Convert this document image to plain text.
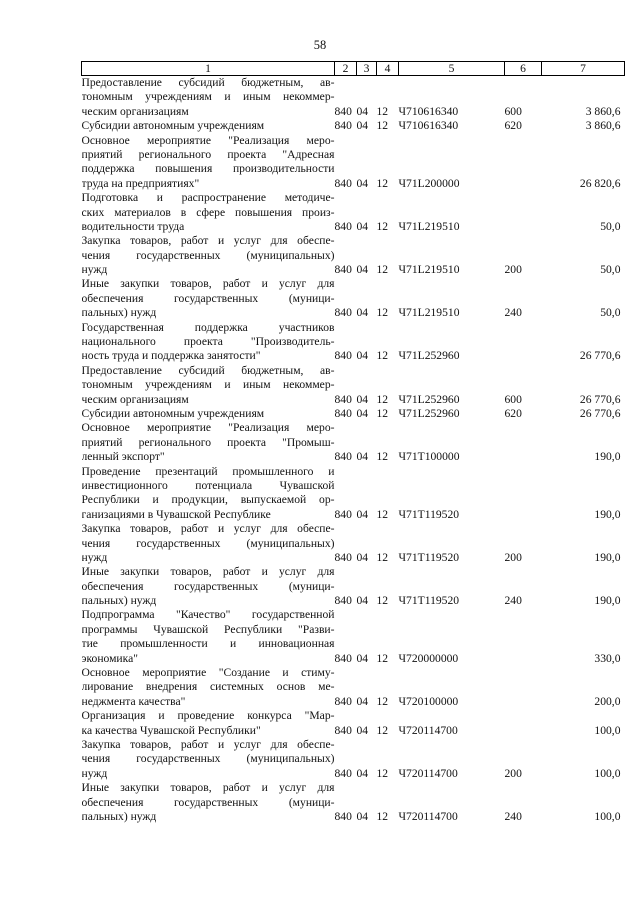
58
1	2	3	4	5	6	7

Предоставление субсидий бюджетным, ав-
тономным учреждениям и иным некоммер-
ческим организациям	840	04	12	Ч710616340	600	3 860,6

Субсидии автономным учреждениям	840	04	12	Ч710616340	620	3 860,6

Основное мероприятие "Реализация меро-
приятий регионального проекта "Адресная
поддержка повышения производительности
труда на предприятиях"	840	04	12	Ч71L200000		26 820,6

Подготовка и распространение методиче-
ских материалов в сфере повышения произ-
водительности труда	840	04	12	Ч71L219510		50,0

Закупка товаров, работ и услуг для обеспе-
чения государственных (муниципальных)
нужд	840	04	12	Ч71L219510	200	50,0

Иные закупки товаров, работ и услуг для
обеспечения государственных (муници-
пальных) нужд	840	04	12	Ч71L219510	240	50,0

Государственная поддержка участников
национального проекта "Производитель-
ность труда и поддержка занятости"	840	04	12	Ч71L252960		26 770,6

Предоставление субсидий бюджетным, ав-
тономным учреждениям и иным некоммер-
ческим организациям	840	04	12	Ч71L252960	600	26 770,6

Субсидии автономным учреждениям	840	04	12	Ч71L252960	620	26 770,6

Основное мероприятие "Реализация меро-
приятий регионального проекта "Промыш-
ленный экспорт"	840	04	12	Ч71T100000		190,0

Проведение презентаций промышленного и
инвестиционного потенциала Чувашской
Республики и продукции, выпускаемой ор-
ганизациями в Чувашской Республике	840	04	12	Ч71T119520		190,0

Закупка товаров, работ и услуг для обеспе-
чения государственных (муниципальных)
нужд	840	04	12	Ч71T119520	200	190,0

Иные закупки товаров, работ и услуг для
обеспечения государственных (муници-
пальных) нужд	840	04	12	Ч71T119520	240	190,0

Подпрограмма "Качество" государственной
программы Чувашской Республики "Разви-
тие промышленности и инновационная
экономика"	840	04	12	Ч720000000		330,0

Основное мероприятие "Создание и стиму-
лирование внедрения системных основ ме-
неджмента качества"	840	04	12	Ч720100000		200,0

Организация и проведение конкурса "Мар-
ка качества Чувашской Республики"	840	04	12	Ч720114700		100,0

Закупка товаров, работ и услуг для обеспе-
чения государственных (муниципальных)
нужд	840	04	12	Ч720114700	200	100,0

Иные закупки товаров, работ и услуг для
обеспечения государственных (муници-
пальных) нужд	840	04	12	Ч720114700	240	100,0
